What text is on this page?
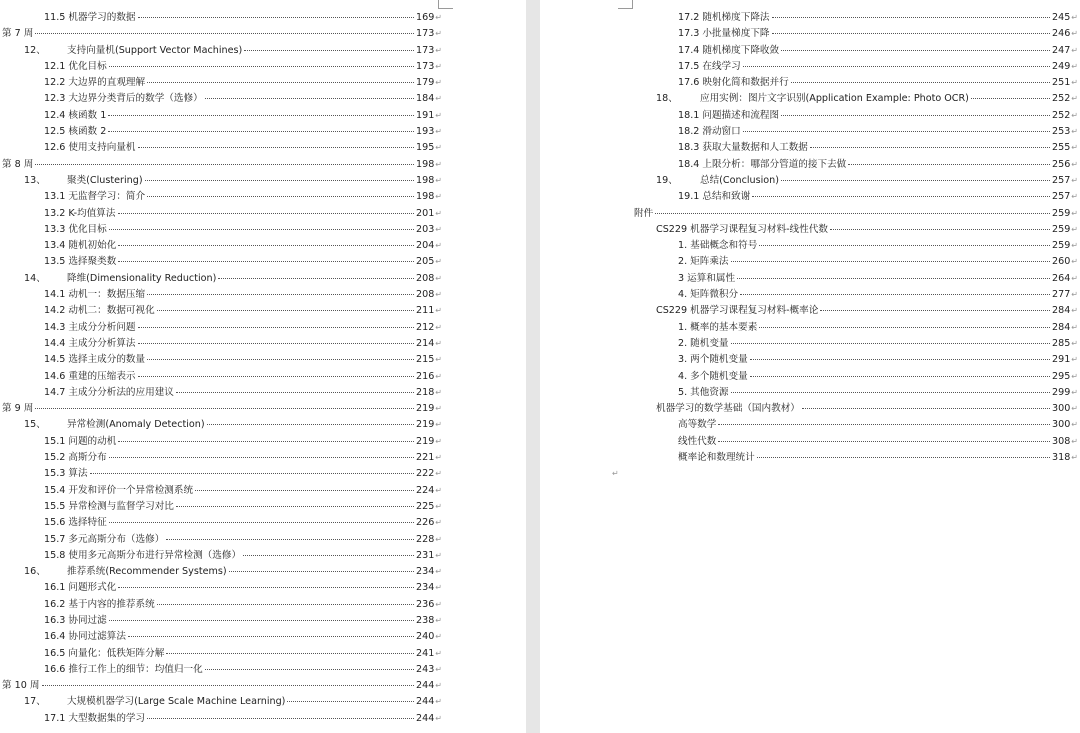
11.5 机器学习的数据	169 ↵
第 7 周	173 ↵
12、	支持向量机(Support Vector Machines)	173 ↵
12.1 优化目标	173 ↵
12.2 大边界的直观理解	179 ↵
12.3 大边界分类背后的数学（选修）	184 ↵
12.4 核函数 1	191 ↵
12.5 核函数 2	193 ↵
12.6 使用支持向量机	195 ↵
第 8 周	198 ↵
13、	聚类(Clustering)	198 ↵
13.1 无监督学习：简介	198 ↵
13.2 K-均值算法	201 ↵
13.3 优化目标	203 ↵
13.4 随机初始化	204 ↵
13.5 选择聚类数	205 ↵
14、	降维(Dimensionality Reduction)	208 ↵
14.1 动机一：数据压缩	208 ↵
14.2 动机二：数据可视化	211 ↵
14.3 主成分分析问题	212 ↵
14.4 主成分分析算法	214 ↵
14.5 选择主成分的数量	215 ↵
14.6 重建的压缩表示	216 ↵
14.7 主成分分析法的应用建议	218 ↵
第 9 周	219 ↵
15、	异常检测(Anomaly Detection)	219 ↵
15.1 问题的动机	219 ↵
15.2 高斯分布	221 ↵
15.3 算法	222 ↵
15.4 开发和评价一个异常检测系统	224 ↵
15.5 异常检测与监督学习对比	225 ↵
15.6 选择特征	226 ↵
15.7 多元高斯分布（选修）	228 ↵
15.8 使用多元高斯分布进行异常检测（选修）	231 ↵
16、	推荐系统(Recommender Systems)	234 ↵
16.1 问题形式化	234 ↵
16.2 基于内容的推荐系统	236 ↵
16.3 协同过滤	238 ↵
16.4 协同过滤算法	240 ↵
16.5 向量化：低秩矩阵分解	241 ↵
16.6 推行工作上的细节：均值归一化	243 ↵
第 10 周	244 ↵
17、	大规模机器学习(Large Scale Machine Learning)	244 ↵
17.1 大型数据集的学习	244 ↵
17.2 随机梯度下降法	245 ↵
17.3 小批量梯度下降	246 ↵
17.4 随机梯度下降收敛	247 ↵
17.5 在线学习	249 ↵
17.6 映射化简和数据并行	251 ↵
18、	应用实例：图片文字识别(Application Example: Photo OCR)	252 ↵
18.1 问题描述和流程图	252 ↵
18.2 滑动窗口	253 ↵
18.3 获取大量数据和人工数据	255 ↵
18.4 上限分析：哪部分管道的接下去做	256 ↵
19、	总结(Conclusion)	257 ↵
19.1 总结和致谢	257 ↵
附件	259 ↵
CS229 机器学习课程复习材料-线性代数	259 ↵
1. 基础概念和符号	259 ↵
2. 矩阵乘法	260 ↵
3 运算和属性	264 ↵
4. 矩阵微积分	277 ↵
CS229 机器学习课程复习材料-概率论	284 ↵
1. 概率的基本要素	284 ↵
2. 随机变量	285 ↵
3. 两个随机变量	291 ↵
4. 多个随机变量	295 ↵
5. 其他资源	299 ↵
机器学习的数学基础（国内教材）	300 ↵
高等数学	300 ↵
线性代数	308 ↵
概率论和数理统计	318 ↵
↵
